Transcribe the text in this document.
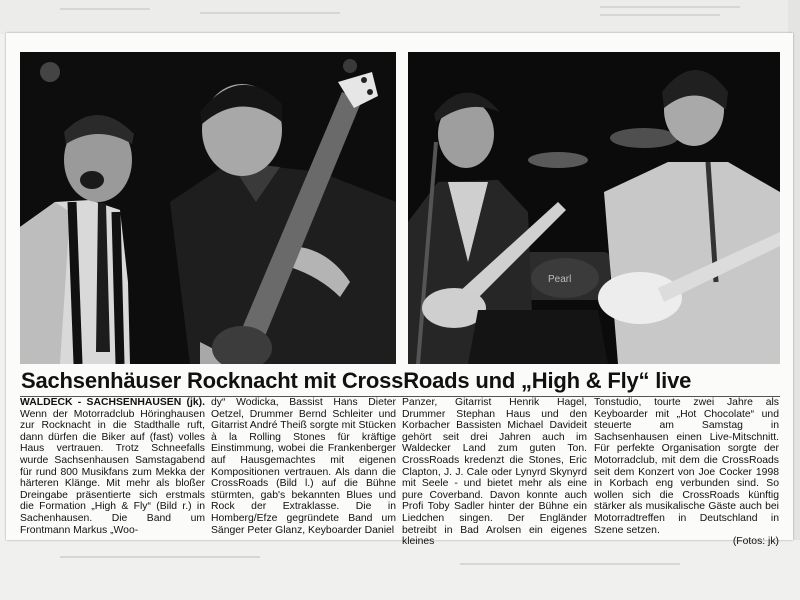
Pearl
Sachsenhäuser Rocknacht mit CrossRoads und „High & Fly“ live
WALDECK - SACHSENHAUSEN (jk). Wenn der Motorradclub Höringhausen zur Rocknacht in die Stadthalle ruft, dann dürfen die Biker auf (fast) volles Haus vertrauen. Trotz Schneefalls wurde Sachsenhausen Samstagabend für rund 800 Musikfans zum Mekka der härteren Klänge. Mit mehr als bloßer Dreingabe präsentierte sich erstmals die Formation „High & Fly“ (Bild r.) in Sachenhausen. Die Band um Frontmann Markus „Woo-
dy“ Wodicka, Bassist Hans Dieter Oetzel, Drummer Bernd Schleiter und Gitarrist André Theiß sorgte mit Stücken à la Rolling Stones für kräftige Einstimmung, wobei die Frankenberger auf Hausgemachtes mit eigenen Kompositionen vertrauen. Als dann die CrossRoads (Bild l.) auf die Bühne stürmten, gab's bekannten Blues und Rock der Extraklasse. Die in Homberg/Efze gegründete Band um Sänger Peter Glanz, Keyboarder Daniel
Panzer, Gitarrist Henrik Hagel, Drummer Stephan Haus und den Korbacher Bassisten Michael Davideit gehört seit drei Jahren auch im Waldecker Land zum guten Ton. CrossRoads kredenzt die Stones, Eric Clapton, J. J. Cale oder Lynyrd Skynyrd mit Seele - und bietet mehr als eine pure Coverband. Davon konnte auch Profi Toby Sadler hinter der Bühne ein Liedchen singen. Der Engländer betreibt in Bad Arolsen ein eigenes kleines
Tonstudio, tourte zwei Jahre als Keyboarder mit „Hot Chocolate“ und steuerte am Samstag in Sachsenhausen einen Live-Mitschnitt. Für perfekte Organisation sorgte der Motorradclub, mit dem die CrossRoads seit dem Konzert von Joe Cocker 1998 in Korbach eng verbunden sind. So wollen sich die CrossRoads künftig stärker als musikalische Gäste auch bei Motorradtreffen in Deutschland in Szene setzen.
(Fotos: jk)
